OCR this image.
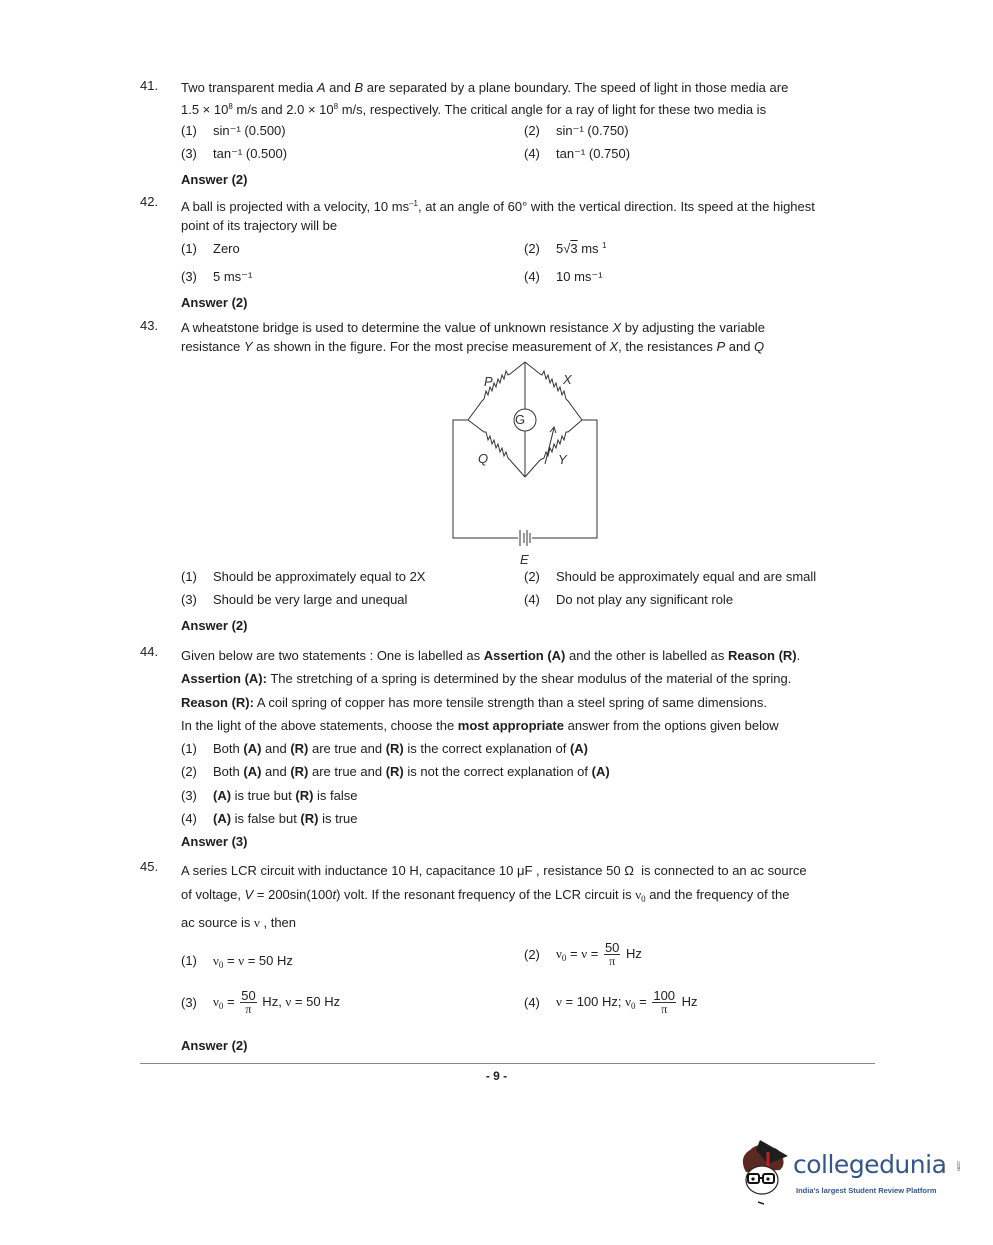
41. Two transparent media A and B are separated by a plane boundary. The speed of light in those media are
$1.5 \times 10^8$ m/s and $2.0 \times 10^8$ m/s, respectively. The critical angle for a ray of light for these two media is
(1) sin⁻¹ (0.500)	(2) sin⁻¹ (0.750)
(3) tan⁻¹ (0.500)	(4) tan⁻¹ (0.750)
Answer (2)
42. A ball is projected with a velocity, 10 $ms^{-1}$, at an angle of 60° with the vertical direction. Its speed at the highest
point of its trajectory will be
(1) Zero	(2) 5√3 ms $^1$
(3) 5 ms⁻¹	(4) 10 ms⁻¹
Answer (2)
43. A wheatstone bridge is used to determine the value of unknown resistance X by adjusting the variable
resistance Y as shown in the figure. For the most precise measurement of X, the resistances P and Q
G
P	X
Q	Y
E
(1) Should be approximately equal to 2X	(2) Should be approximately equal and are small
(3) Should be very large and unequal	(4) Do not play any significant role
Answer (2)
44. Given below are two statements : One is labelled as Assertion (A) and the other is labelled as Reason (R).
Assertion (A): The stretching of a spring is determined by the shear modulus of the material of the spring.
Reason (R): A coil spring of copper has more tensile strength than a steel spring of same dimensions.
In the light of the above statements, choose the most appropriate answer from the options given below
(1) Both (A) and (R) are true and (R) is the correct explanation of (A)
(2) Both (A) and (R) are true and (R) is not the correct explanation of (A)
(3) (A) is true but (R) is false
(4) (A) is false but (R) is true
Answer (3)
45. A series LCR circuit with inductance 10 H, capacitance 10 μF , resistance 50 Ω  is connected to an ac source
of voltage, V = 200sin(100t) volt. If the resonant frequency of the LCR circuit is $\nu_0$ and the frequency of the
ac source is ν , then
(1) $\nu_0 = \nu = 50$ Hz	(2) $\nu_0 = \nu = \frac{50}{\pi}$ Hz
(3) $\nu_0 = \frac{50}{\pi} Hz$, ν = 50 Hz	(4) ν = 100 Hz; $\nu_0 = \frac{100}{\pi}$ Hz
Answer (2)
- 9 -
collegedunia .com
India's largest Student Review Platform
